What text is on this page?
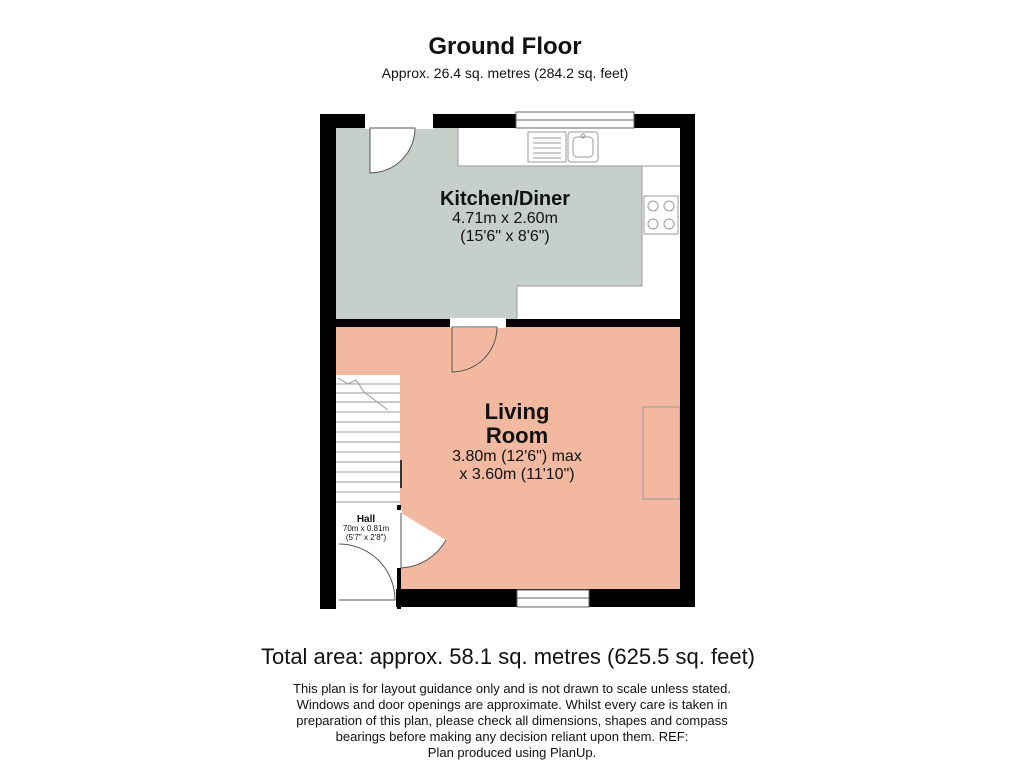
Ground Floor
Approx. 26.4 sq. metres (284.2 sq. feet)
Kitchen/Diner
4.71m x 2.60m
(15'6" x 8'6")
Living
Room
3.80m (12'6") max
x 3.60m (11'10")
Hall
70m x 0.81m
(5'7" x 2'8")
Total area: approx. 58.1 sq. metres (625.5 sq. feet)
This plan is for layout guidance only and is not drawn to scale unless stated.
Windows and door openings are approximate. Whilst every care is taken in
preparation of this plan, please check all dimensions, shapes and compass
bearings before making any decision reliant upon them. REF:
Plan produced using PlanUp.
